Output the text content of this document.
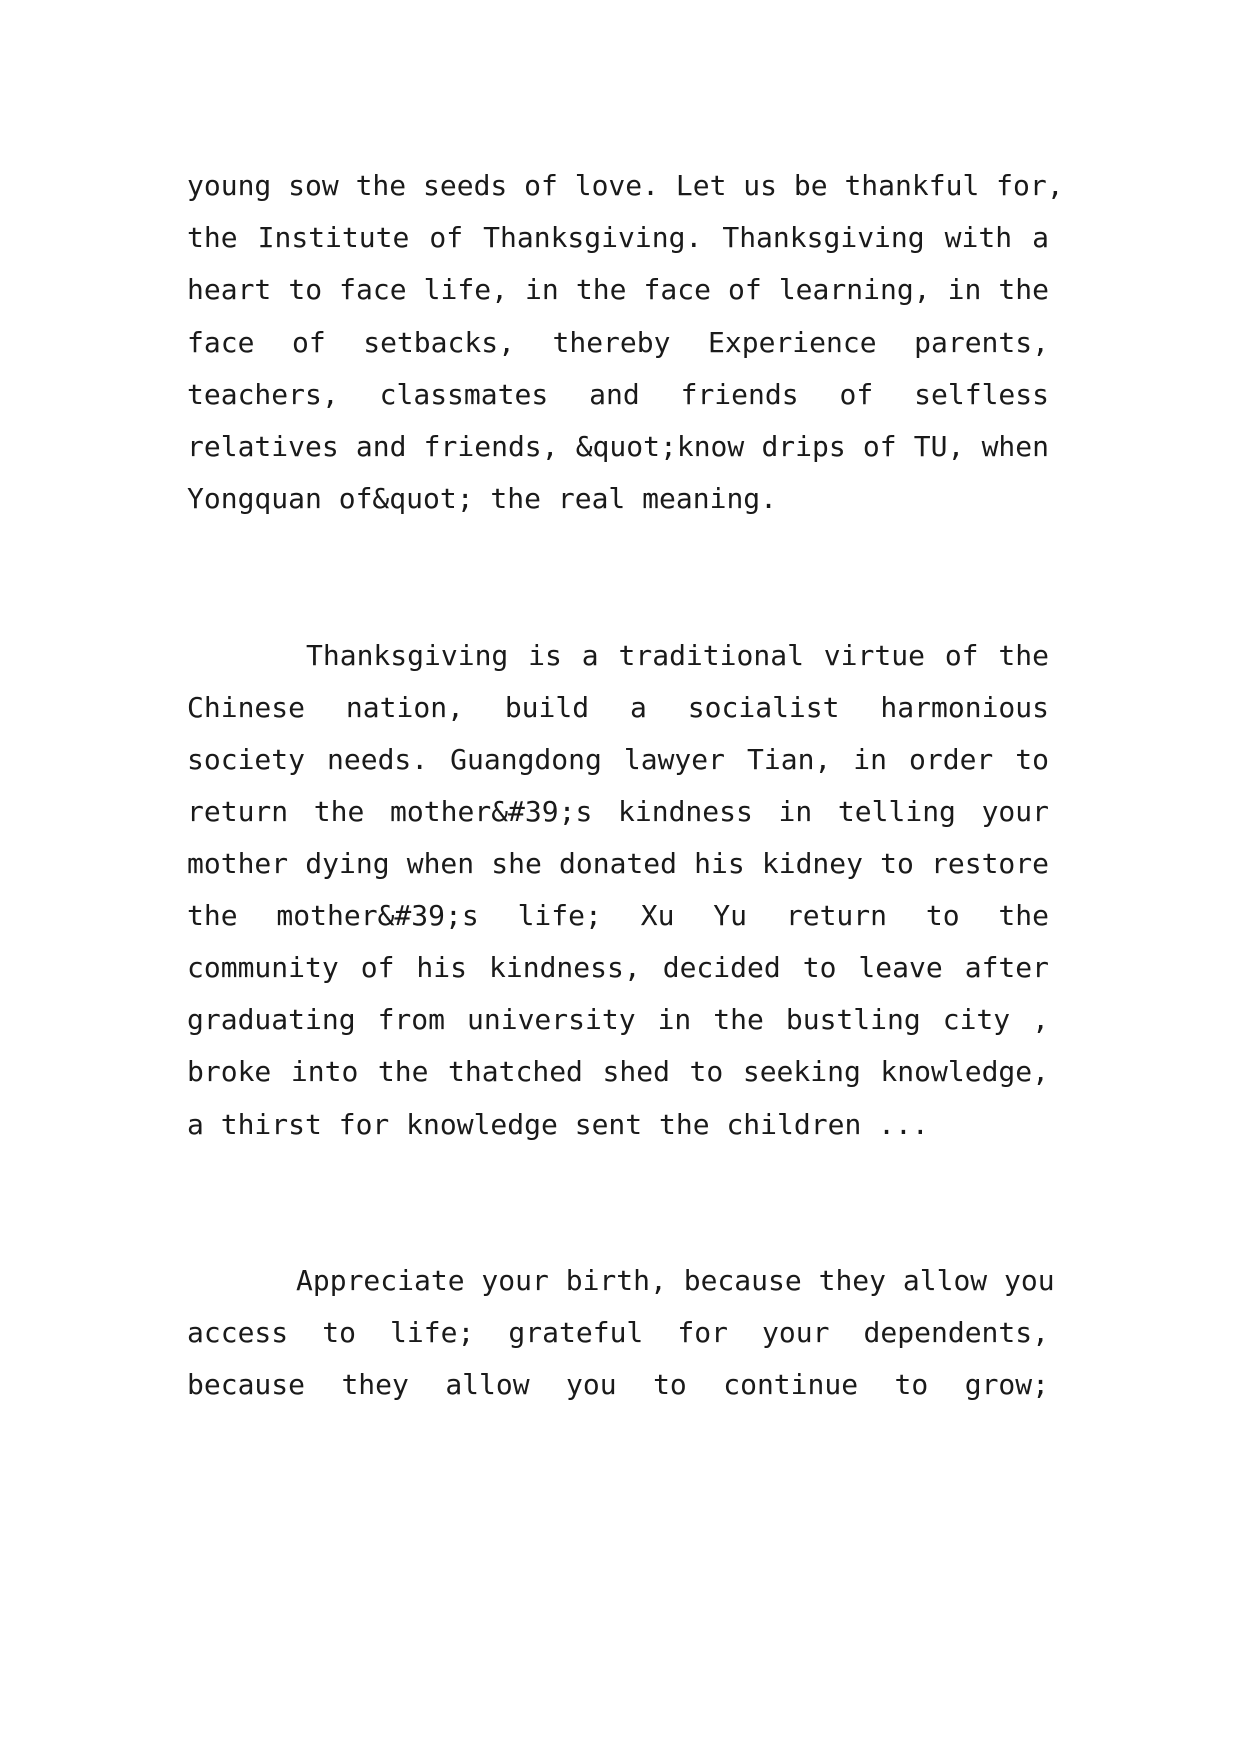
young sow the seeds of love. Let us be thankful for,
the Institute of Thanksgiving. Thanksgiving with a
heart to face life, in the face of learning, in the
face of setbacks, thereby Experience parents,
teachers, classmates and friends of selfless
relatives and friends, &quot;know drips of TU, when
Yongquan of&quot; the real meaning.
Thanksgiving is a traditional virtue of the
Chinese nation, build a socialist harmonious
society needs. Guangdong lawyer Tian, in order to
return the mother&#39;s kindness in telling your
mother dying when she donated his kidney to restore
the mother&#39;s life; Xu Yu return to the
community of his kindness, decided to leave after
graduating from university in the bustling city ,
broke into the thatched shed to seeking knowledge,
a thirst for knowledge sent the children ...
Appreciate your birth, because they allow you
access to life; grateful for your dependents,
because they allow you to continue to grow;
